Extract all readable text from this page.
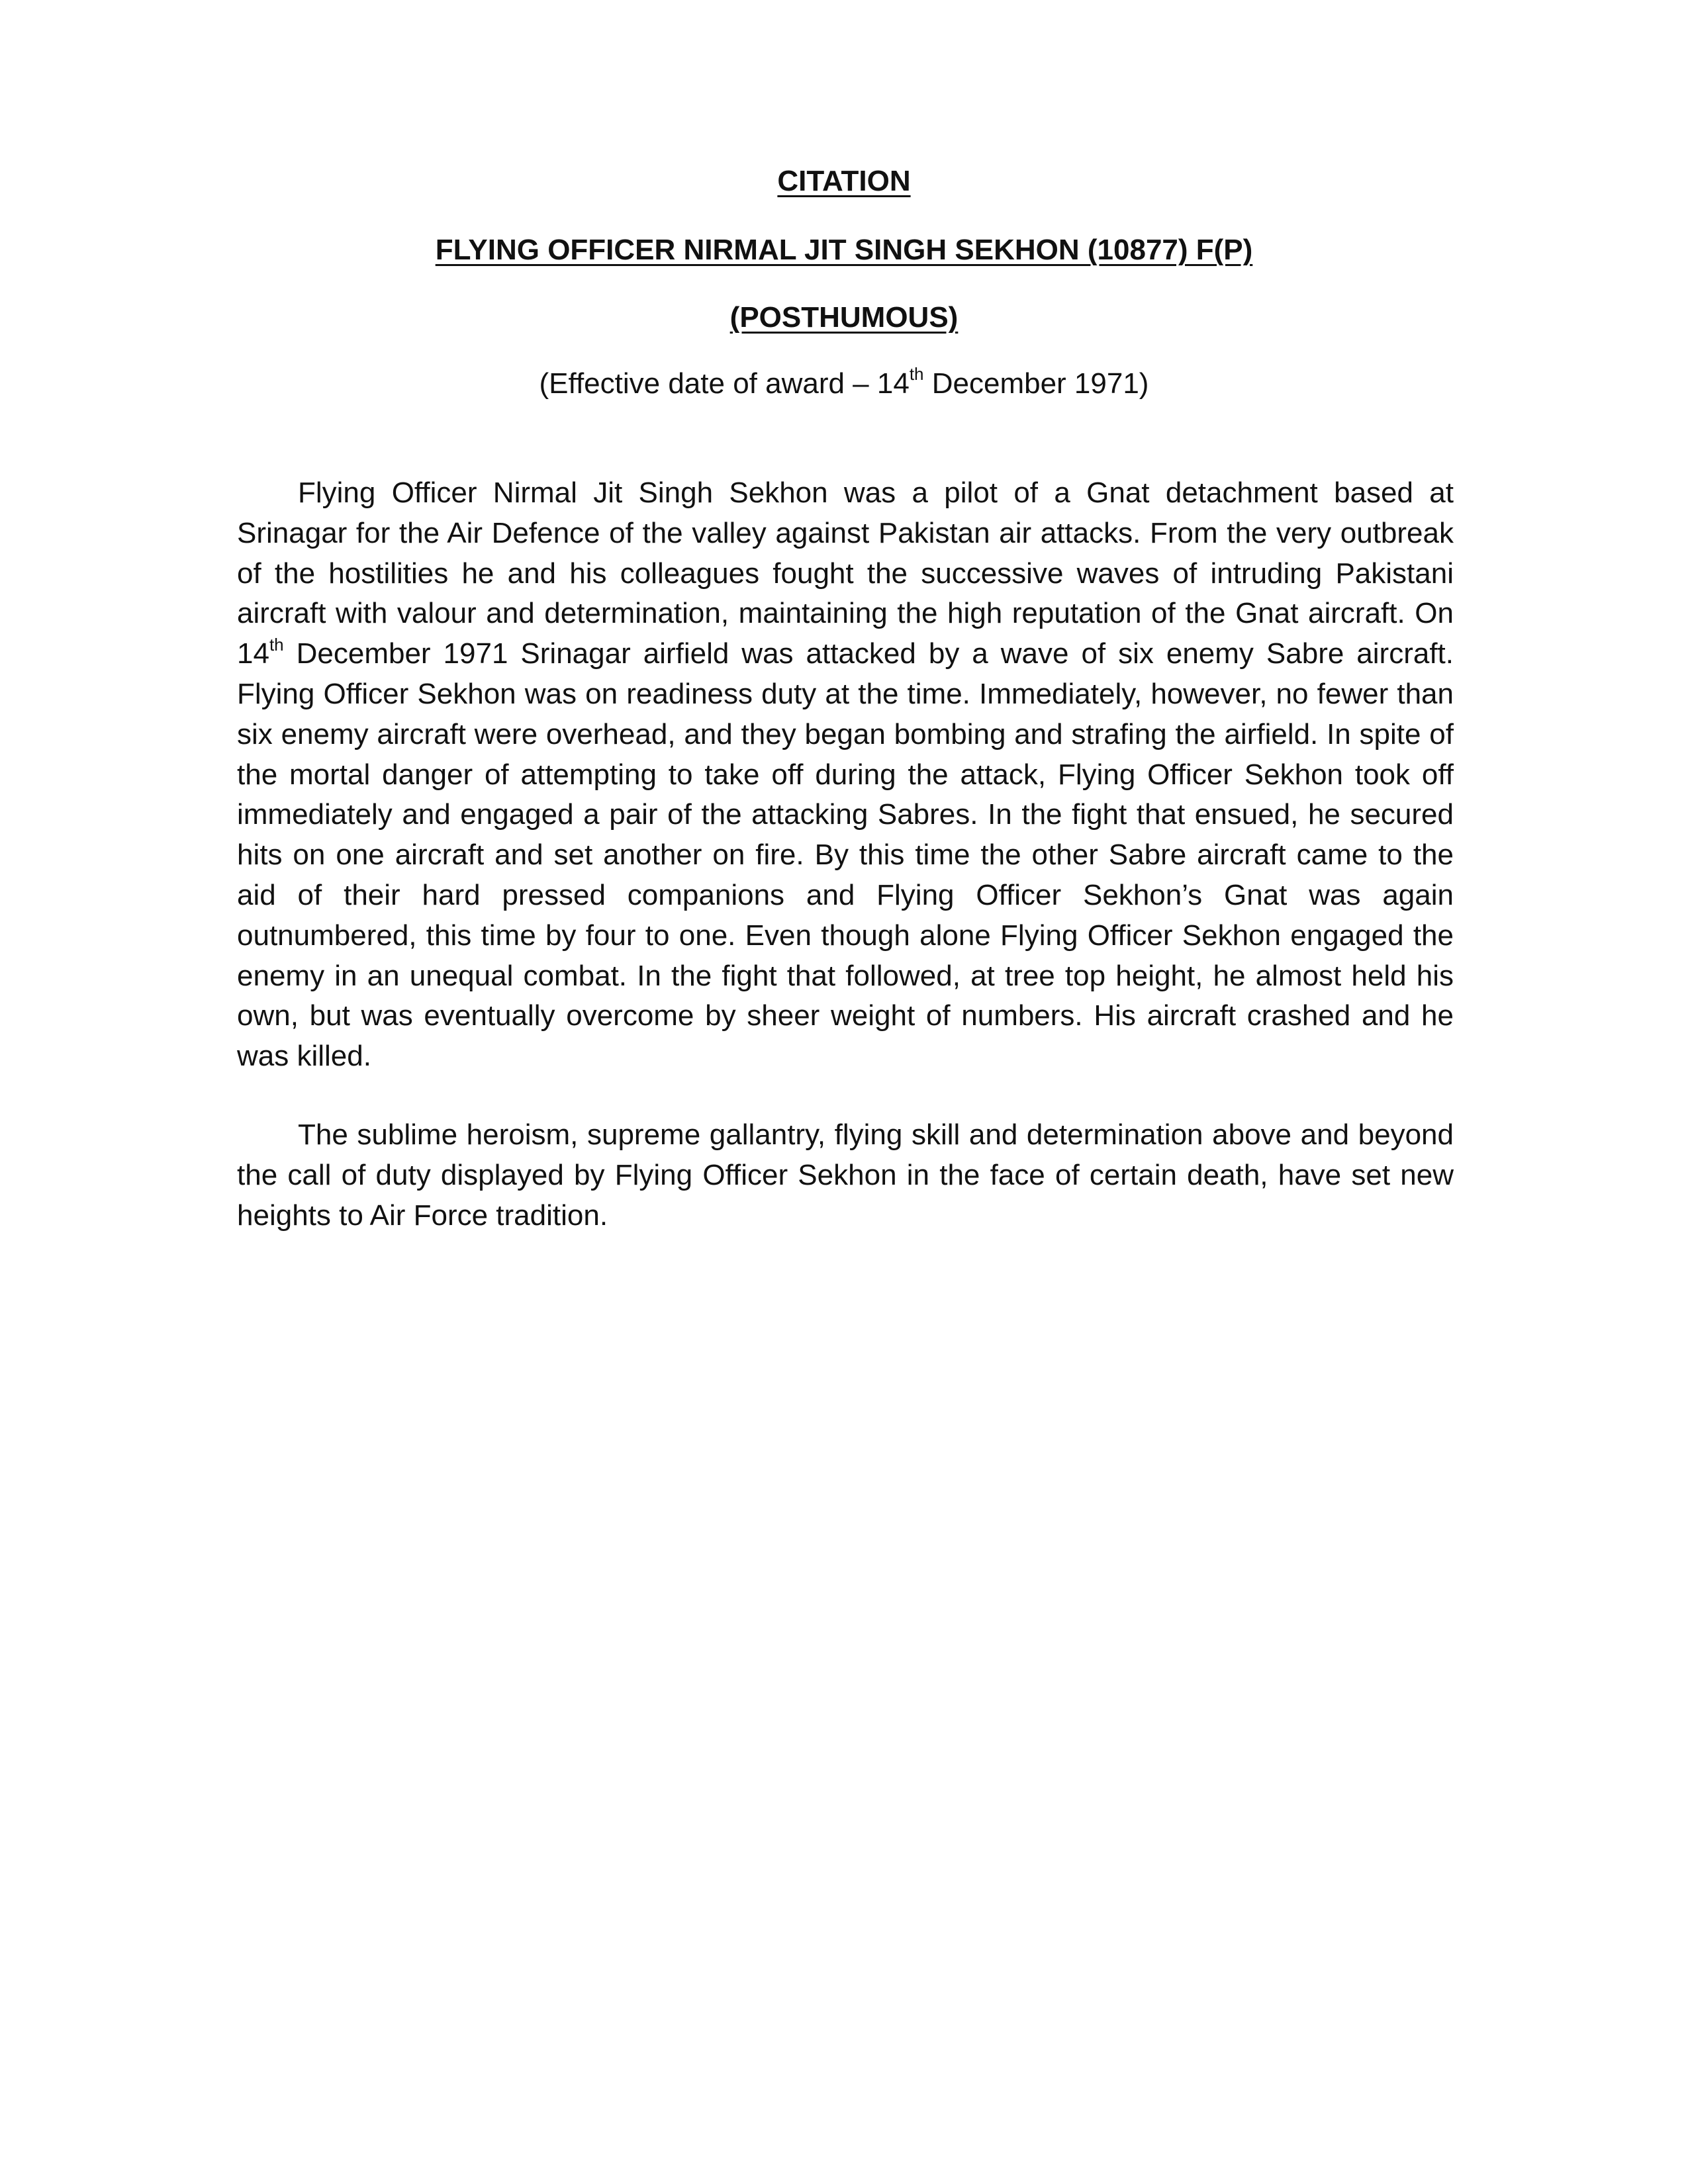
CITATION
FLYING OFFICER NIRMAL JIT SINGH SEKHON (10877) F(P)
(POSTHUMOUS)

(Effective date of award – 14th December 1971)

Flying Officer Nirmal Jit Singh Sekhon was a pilot of a Gnat detachment based at Srinagar for the Air Defence of the valley against Pakistan air attacks. From the very outbreak of the hostilities he and his colleagues fought the successive waves of intruding Pakistani aircraft with valour and determination, maintaining the high reputation of the Gnat aircraft. On 14th December 1971 Srinagar airfield was attacked by a wave of six enemy Sabre aircraft. Flying Officer Sekhon was on readiness duty at the time. Immediately, however, no fewer than six enemy aircraft were overhead, and they began bombing and strafing the airfield. In spite of the mortal danger of attempting to take off during the attack, Flying Officer Sekhon took off immediately and engaged a pair of the attacking Sabres. In the fight that ensued, he secured hits on one aircraft and set another on fire. By this time the other Sabre aircraft came to the aid of their hard pressed companions and Flying Officer Sekhon’s Gnat was again outnumbered, this time by four to one. Even though alone Flying Officer Sekhon engaged the enemy in an unequal combat. In the fight that followed, at tree top height, he almost held his own, but was eventually overcome by sheer weight of numbers. His aircraft crashed and he was killed.

The sublime heroism, supreme gallantry, flying skill and determination above and beyond the call of duty displayed by Flying Officer Sekhon in the face of certain death, have set new heights to Air Force tradition.
